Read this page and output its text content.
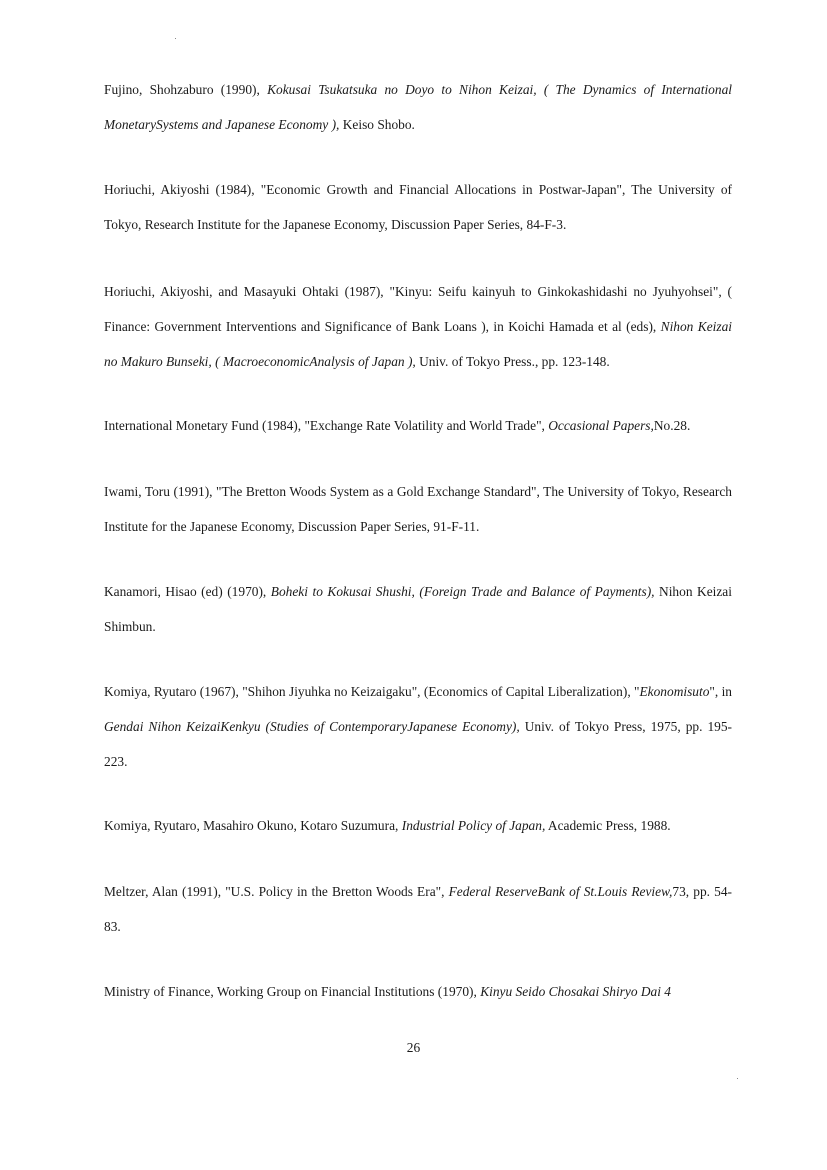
Fujino, Shohzaburo (1990), Kokusai Tsukatsuka no Doyo to Nihon Keizai, ( The Dynamics of International MonetarySystems and Japanese Economy ), Keiso Shobo.

Horiuchi, Akiyoshi (1984), "Economic Growth and Financial Allocations in Postwar-Japan", The University of Tokyo, Research Institute for the Japanese Economy, Discussion Paper Series, 84-F-3.

Horiuchi, Akiyoshi, and Masayuki Ohtaki (1987), "Kinyu: Seifu kainyuh to Ginkokashidashi no Jyuhyohsei", ( Finance: Government Interventions and Significance of Bank Loans ), in Koichi Hamada et al (eds), Nihon Keizai no Makuro Bunseki, ( MacroeconomicAnalysis of Japan ), Univ. of Tokyo Press., pp. 123-148.

International Monetary Fund (1984), "Exchange Rate Volatility and World Trade", Occasional Papers,No.28.

Iwami, Toru (1991), "The Bretton Woods System as a Gold Exchange Standard", The University of Tokyo, Research Institute for the Japanese Economy, Discussion Paper Series, 91-F-11.

Kanamori, Hisao (ed) (1970), Boheki to Kokusai Shushi, (Foreign Trade and Balance of Payments), Nihon Keizai Shimbun.

Komiya, Ryutaro (1967), "Shihon Jiyuhka no Keizaigaku", (Economics of Capital Liberalization), "Ekonomisuto", in Gendai Nihon KeizaiKenkyu (Studies of ContemporaryJapanese Economy), Univ. of Tokyo Press, 1975, pp. 195-223.

Komiya, Ryutaro, Masahiro Okuno, Kotaro Suzumura, Industrial Policy of Japan, Academic Press, 1988.

Meltzer, Alan (1991), "U.S. Policy in the Bretton Woods Era", Federal ReserveBank of St.Louis Review,73, pp. 54-83.

Ministry of Finance, Working Group on Financial Institutions (1970), Kinyu Seido Chosakai Shiryo Dai 4

26
